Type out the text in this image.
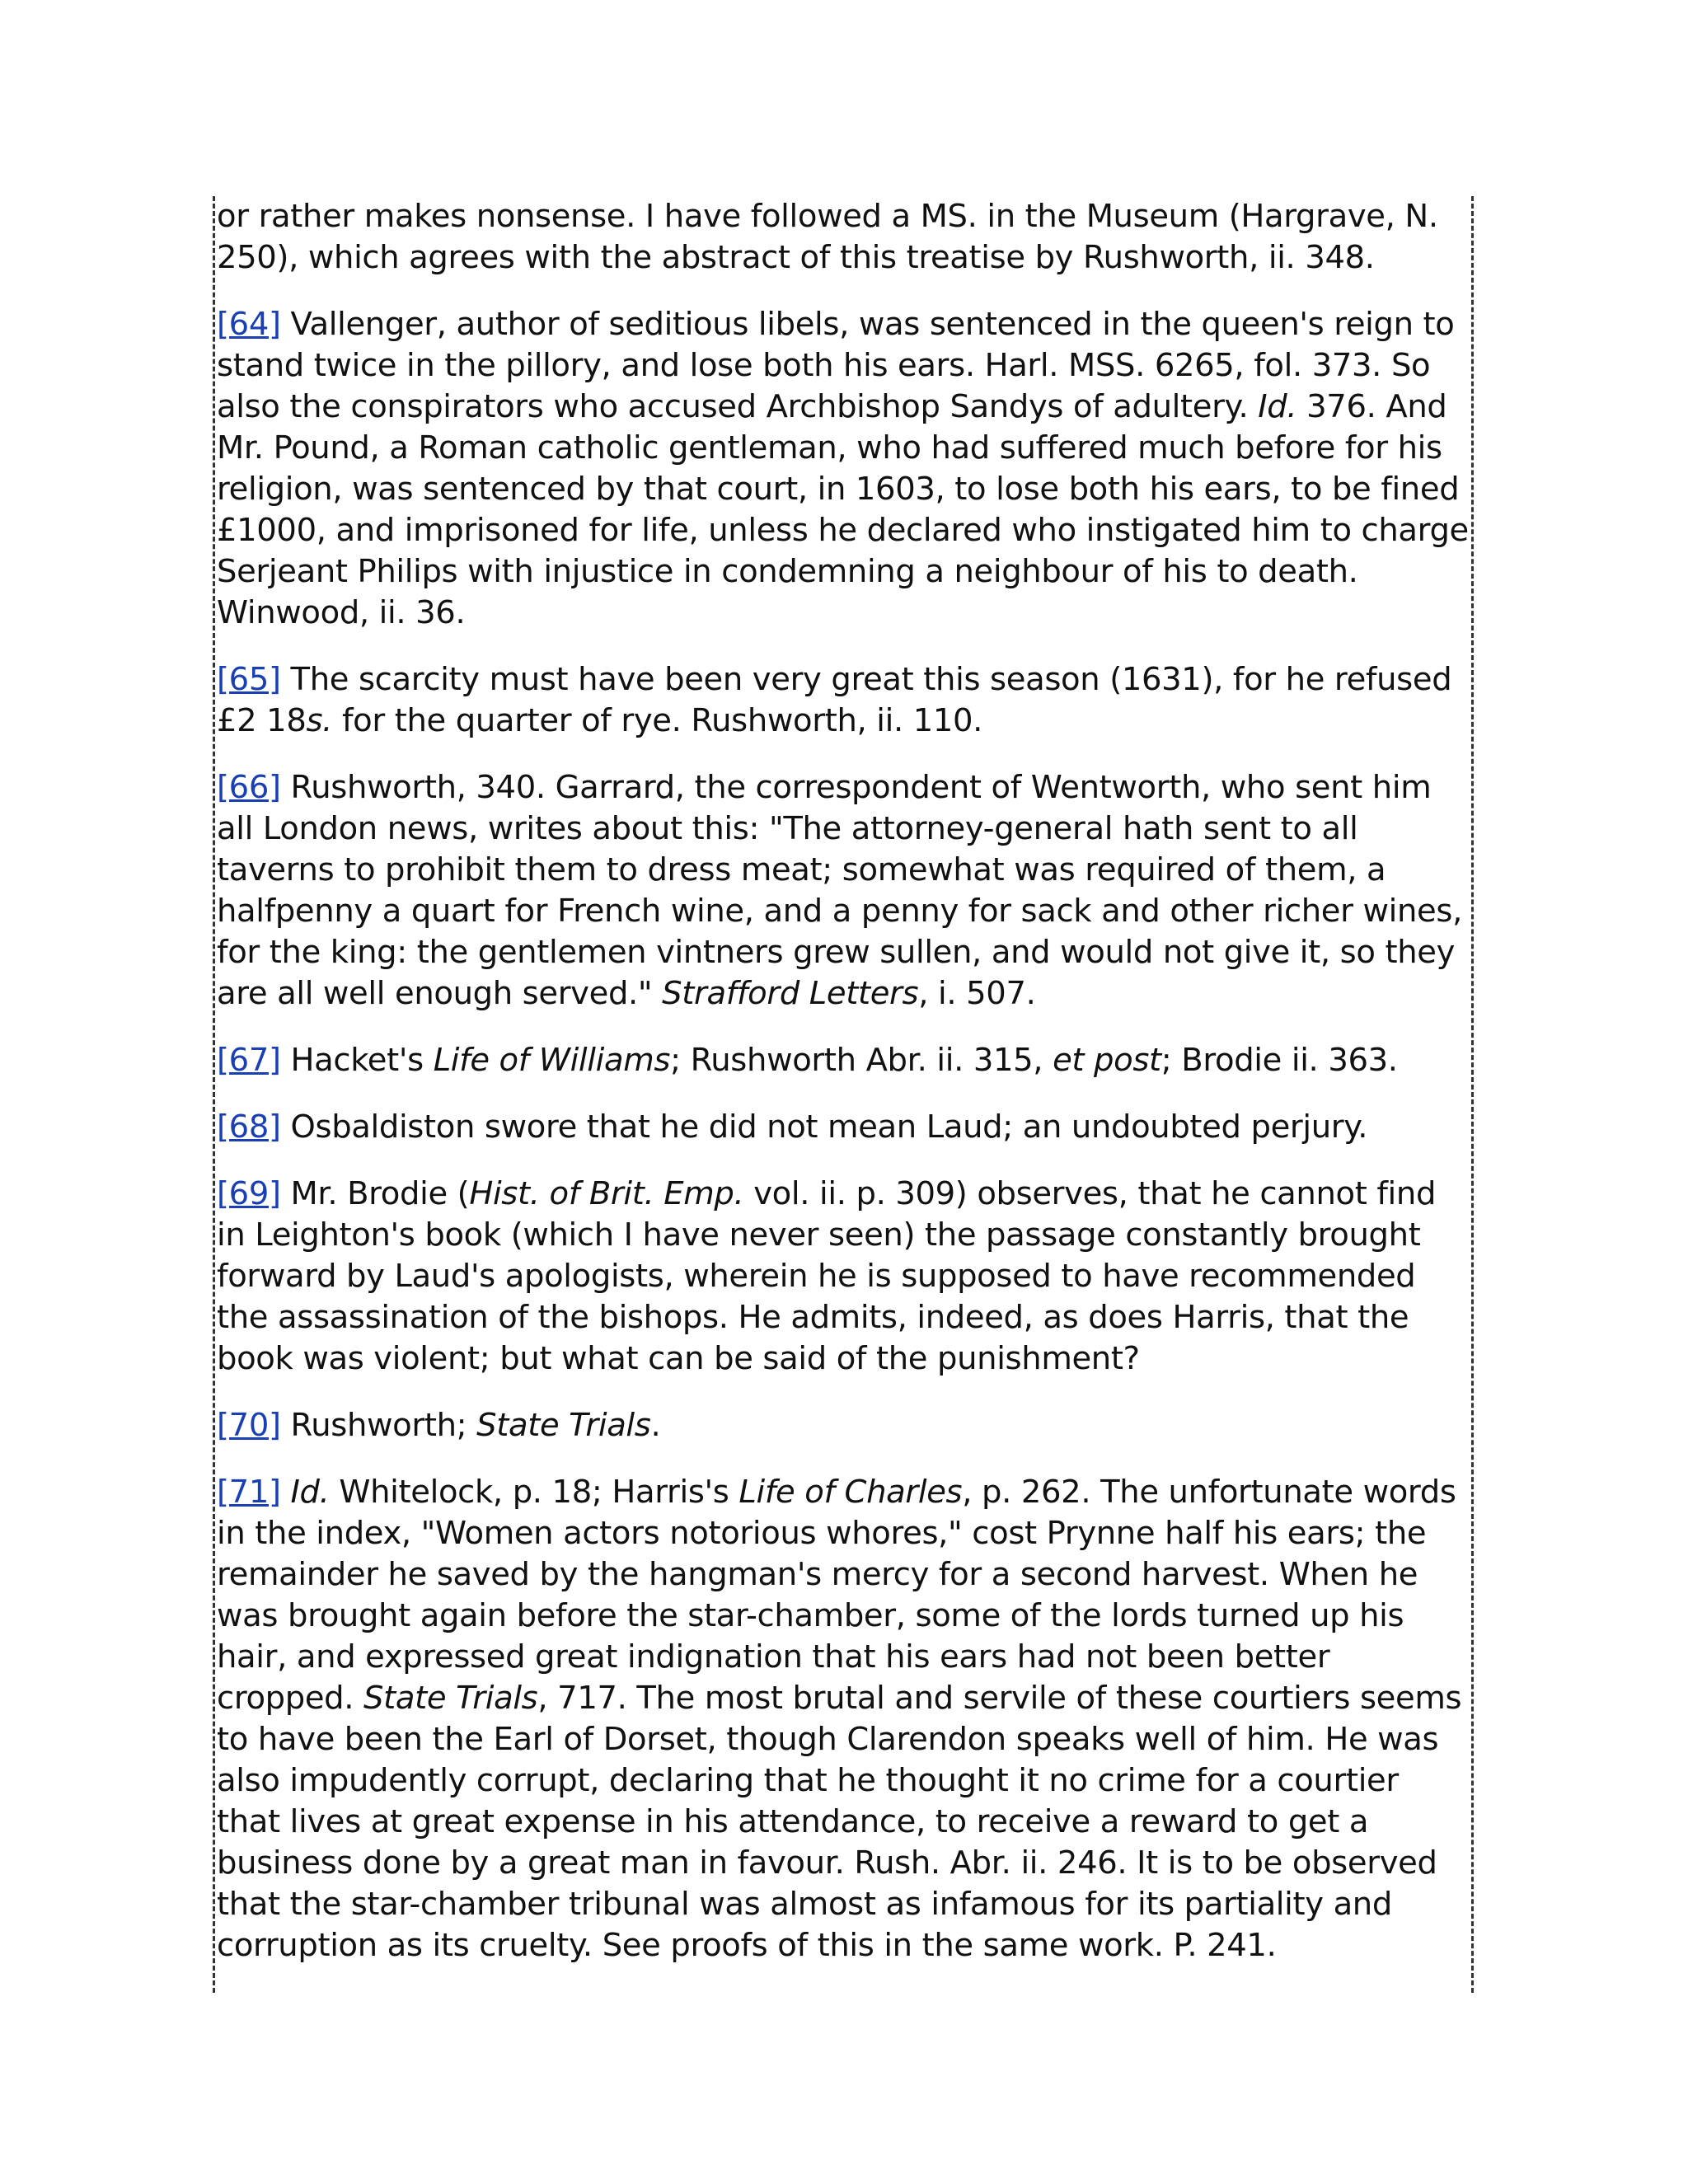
or rather makes nonsense. I have followed a MS. in the Museum (Hargrave, N. 250), which agrees with the abstract of this treatise by Rushworth, ii. 348.

[64] Vallenger, author of seditious libels, was sentenced in the queen's reign to stand twice in the pillory, and lose both his ears. Harl. MSS. 6265, fol. 373. So also the conspirators who accused Archbishop Sandys of adultery. Id. 376. And Mr. Pound, a Roman catholic gentleman, who had suffered much before for his religion, was sentenced by that court, in 1603, to lose both his ears, to be fined £1000, and imprisoned for life, unless he declared who instigated him to charge Serjeant Philips with injustice in condemning a neighbour of his to death. Winwood, ii. 36.

[65] The scarcity must have been very great this season (1631), for he refused £2 18s. for the quarter of rye. Rushworth, ii. 110.

[66] Rushworth, 340. Garrard, the correspondent of Wentworth, who sent him all London news, writes about this: "The attorney-general hath sent to all taverns to prohibit them to dress meat; somewhat was required of them, a halfpenny a quart for French wine, and a penny for sack and other richer wines, for the king: the gentlemen vintners grew sullen, and would not give it, so they are all well enough served." Strafford Letters, i. 507.

[67] Hacket's Life of Williams; Rushworth Abr. ii. 315, et post; Brodie ii. 363.

[68] Osbaldiston swore that he did not mean Laud; an undoubted perjury.

[69] Mr. Brodie (Hist. of Brit. Emp. vol. ii. p. 309) observes, that he cannot find in Leighton's book (which I have never seen) the passage constantly brought forward by Laud's apologists, wherein he is supposed to have recommended the assassination of the bishops. He admits, indeed, as does Harris, that the book was violent; but what can be said of the punishment?

[70] Rushworth; State Trials.

[71] Id. Whitelock, p. 18; Harris's Life of Charles, p. 262. The unfortunate words in the index, "Women actors notorious whores," cost Prynne half his ears; the remainder he saved by the hangman's mercy for a second harvest. When he was brought again before the star-chamber, some of the lords turned up his hair, and expressed great indignation that his ears had not been better cropped. State Trials, 717. The most brutal and servile of these courtiers seems to have been the Earl of Dorset, though Clarendon speaks well of him. He was also impudently corrupt, declaring that he thought it no crime for a courtier that lives at great expense in his attendance, to receive a reward to get a business done by a great man in favour. Rush. Abr. ii. 246. It is to be observed that the star-chamber tribunal was almost as infamous for its partiality and corruption as its cruelty. See proofs of this in the same work. P. 241.
